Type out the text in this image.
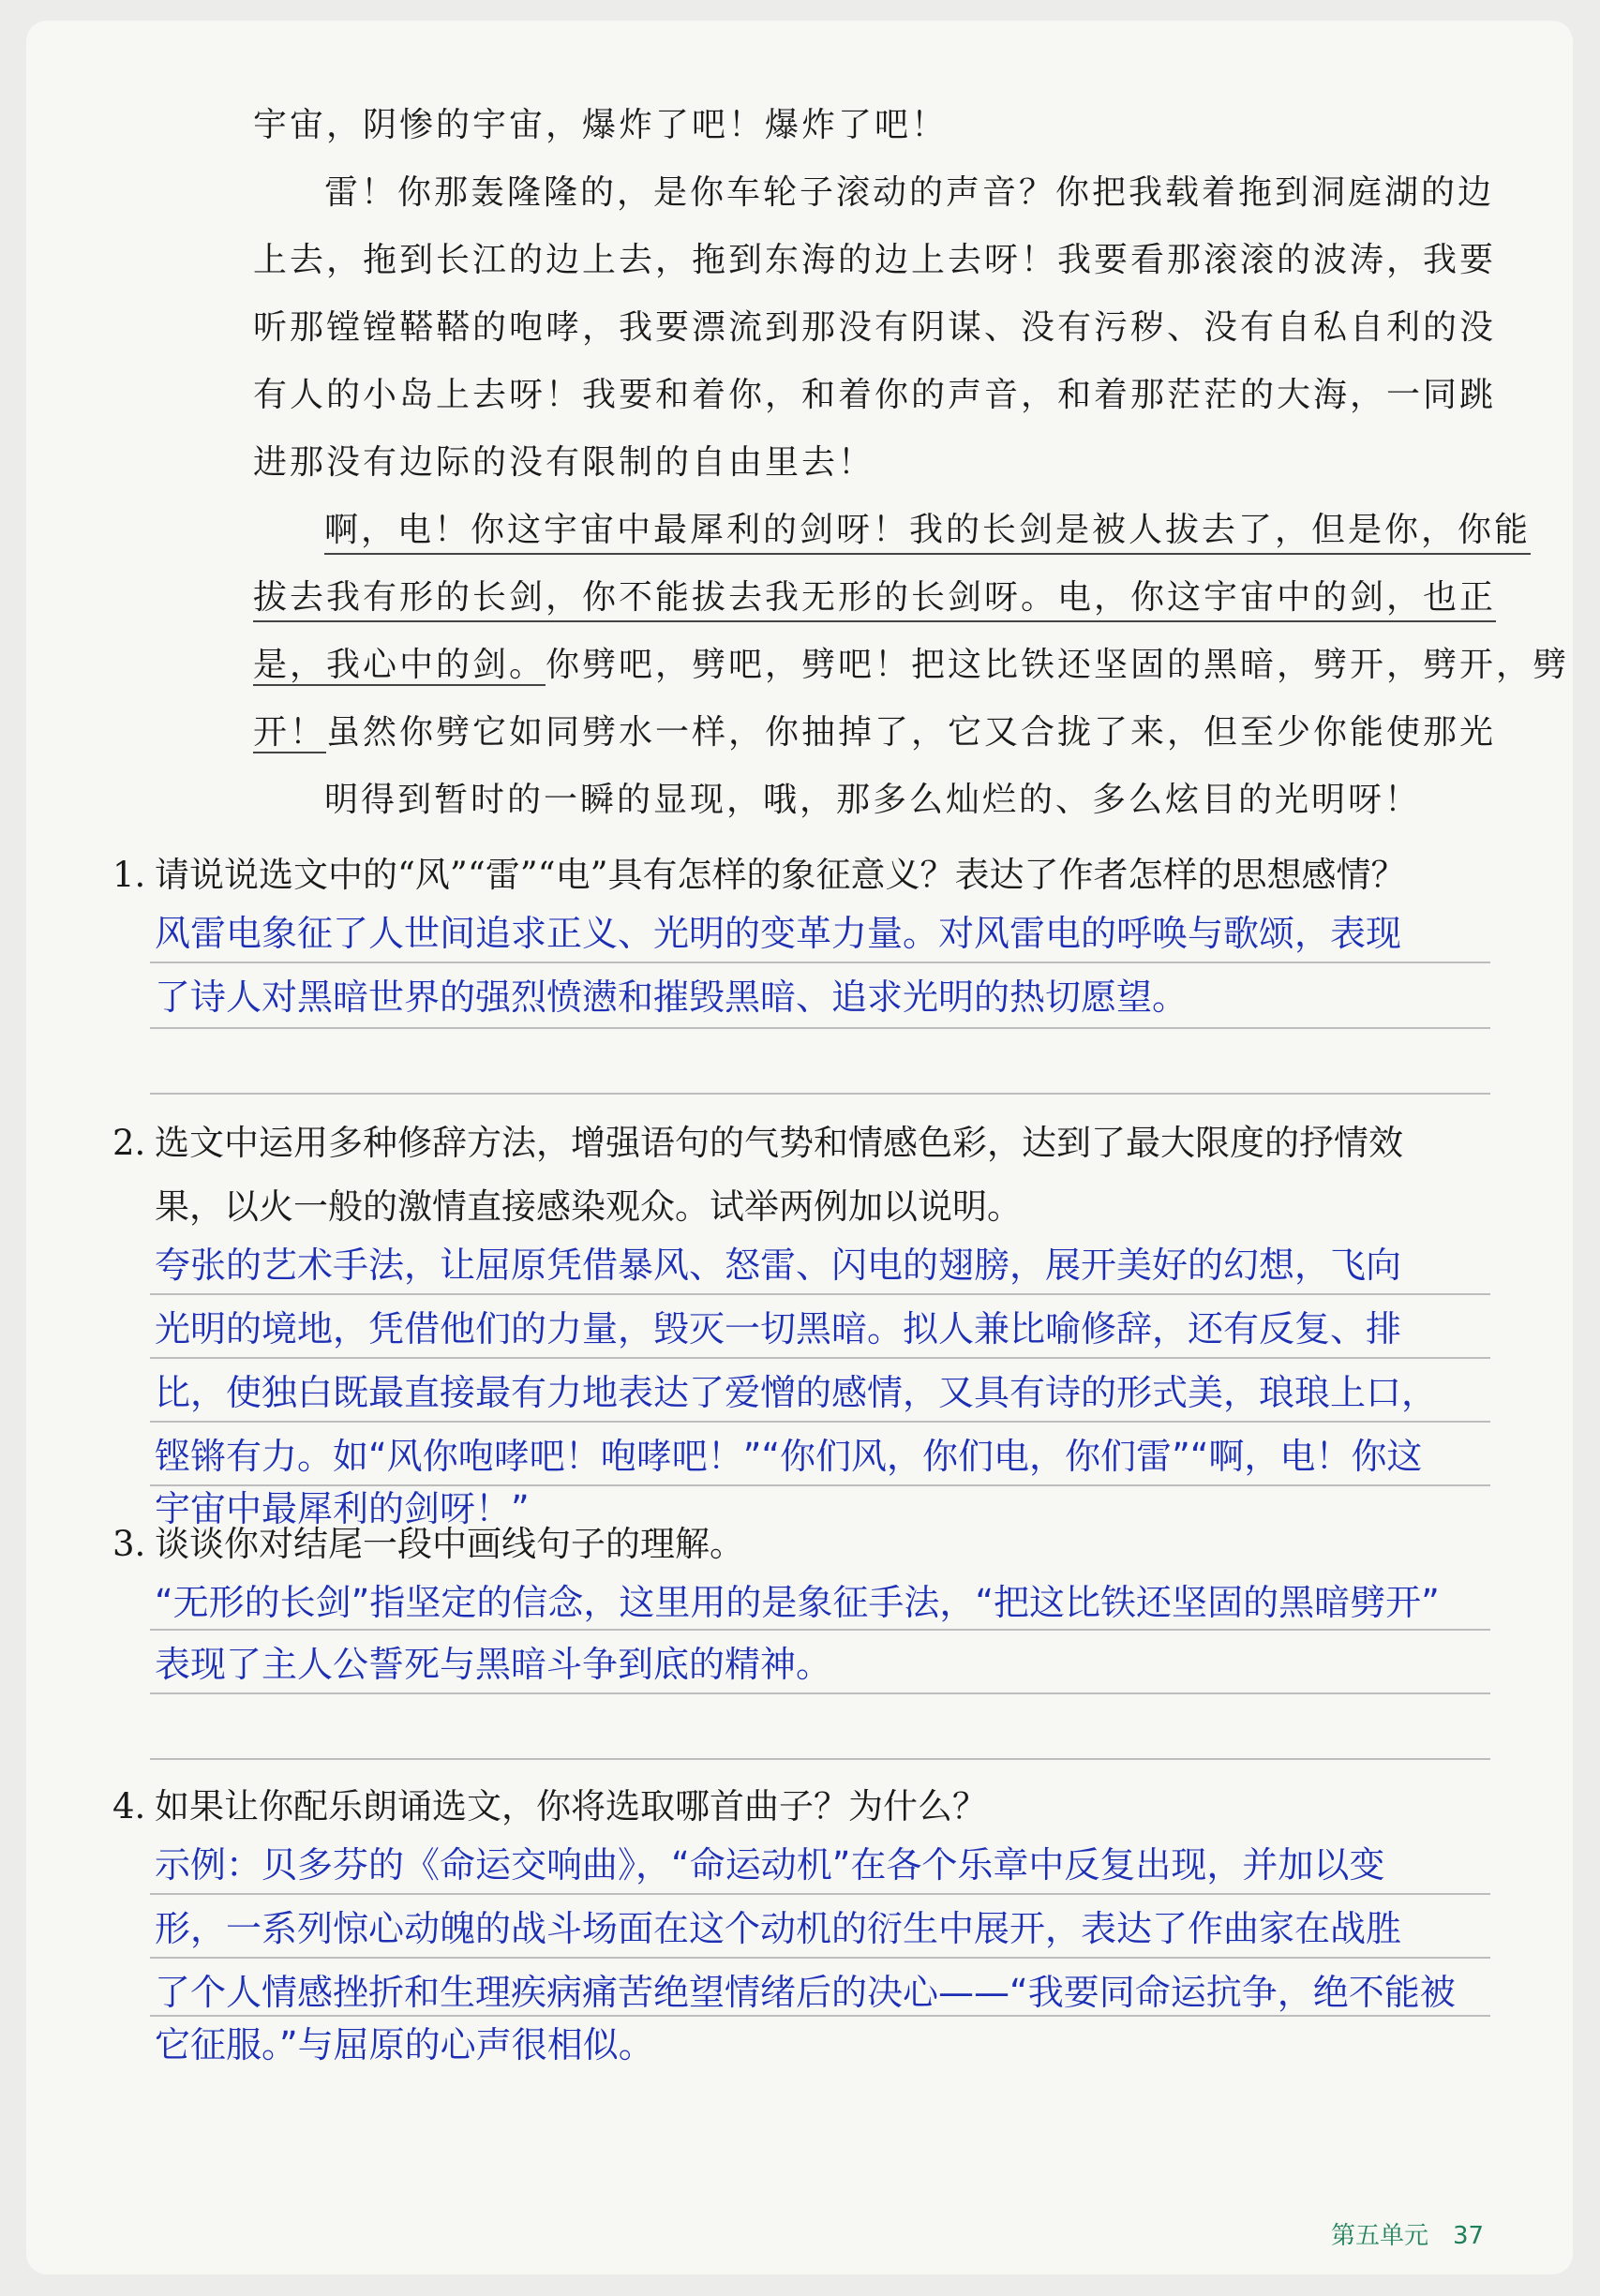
宇宙，阴惨的宇宙，爆炸了吧！爆炸了吧！
雷！你那轰隆隆的，是你车轮子滚动的声音？你把我载着拖到洞庭湖的边
上去，拖到长江的边上去，拖到东海的边上去呀！我要看那滚滚的波涛，我要
听那镗镗鞳鞳的咆哮，我要漂流到那没有阴谋、没有污秽、没有自私自利的没
有人的小岛上去呀！我要和着你，和着你的声音，和着那茫茫的大海，一同跳
进那没有边际的没有限制的自由里去！
啊，电！你这宇宙中最犀利的剑呀！我的长剑是被人拔去了，但是你，你能
拔去我有形的长剑，你不能拔去我无形的长剑呀。电，你这宇宙中的剑，也正
是，我心中的剑。你劈吧，劈吧，劈吧！把这比铁还坚固的黑暗，劈开，劈开，劈
开！虽然你劈它如同劈水一样，你抽掉了，它又合拢了来，但至少你能使那光
明得到暂时的一瞬的显现，哦，那多么灿烂的、多么炫目的光明呀！
1. 请说说选文中的“风”“雷”“电”具有怎样的象征意义？表达了作者怎样的思想感情？
风雷电象征了人世间追求正义、光明的变革力量。对风雷电的呼唤与歌颂，表现
了诗人对黑暗世界的强烈愤懑和摧毁黑暗、追求光明的热切愿望。
2. 选文中运用多种修辞方法，增强语句的气势和情感色彩，达到了最大限度的抒情效
果，以火一般的激情直接感染观众。试举两例加以说明。
夸张的艺术手法，让屈原凭借暴风、怒雷、闪电的翅膀，展开美好的幻想，飞向
光明的境地，凭借他们的力量，毁灭一切黑暗。拟人兼比喻修辞，还有反复、排
比，使独白既最直接最有力地表达了爱憎的感情，又具有诗的形式美，琅琅上口，
铿锵有力。如“风你咆哮吧！咆哮吧！”“你们风，你们电，你们雷”“啊，电！你这
宇宙中最犀利的剑呀！”
3. 谈谈你对结尾一段中画线句子的理解。
“无形的长剑”指坚定的信念，这里用的是象征手法，“把这比铁还坚固的黑暗劈开”
表现了主人公誓死与黑暗斗争到底的精神。
4. 如果让你配乐朗诵选文，你将选取哪首曲子？为什么？
示例：贝多芬的《命运交响曲》，“命运动机”在各个乐章中反复出现，并加以变
形，一系列惊心动魄的战斗场面在这个动机的衍生中展开，表达了作曲家在战胜
了个人情感挫折和生理疾病痛苦绝望情绪后的决心——“我要同命运抗争，绝不能被
它征服。”与屈原的心声很相似。
第五单元 37
